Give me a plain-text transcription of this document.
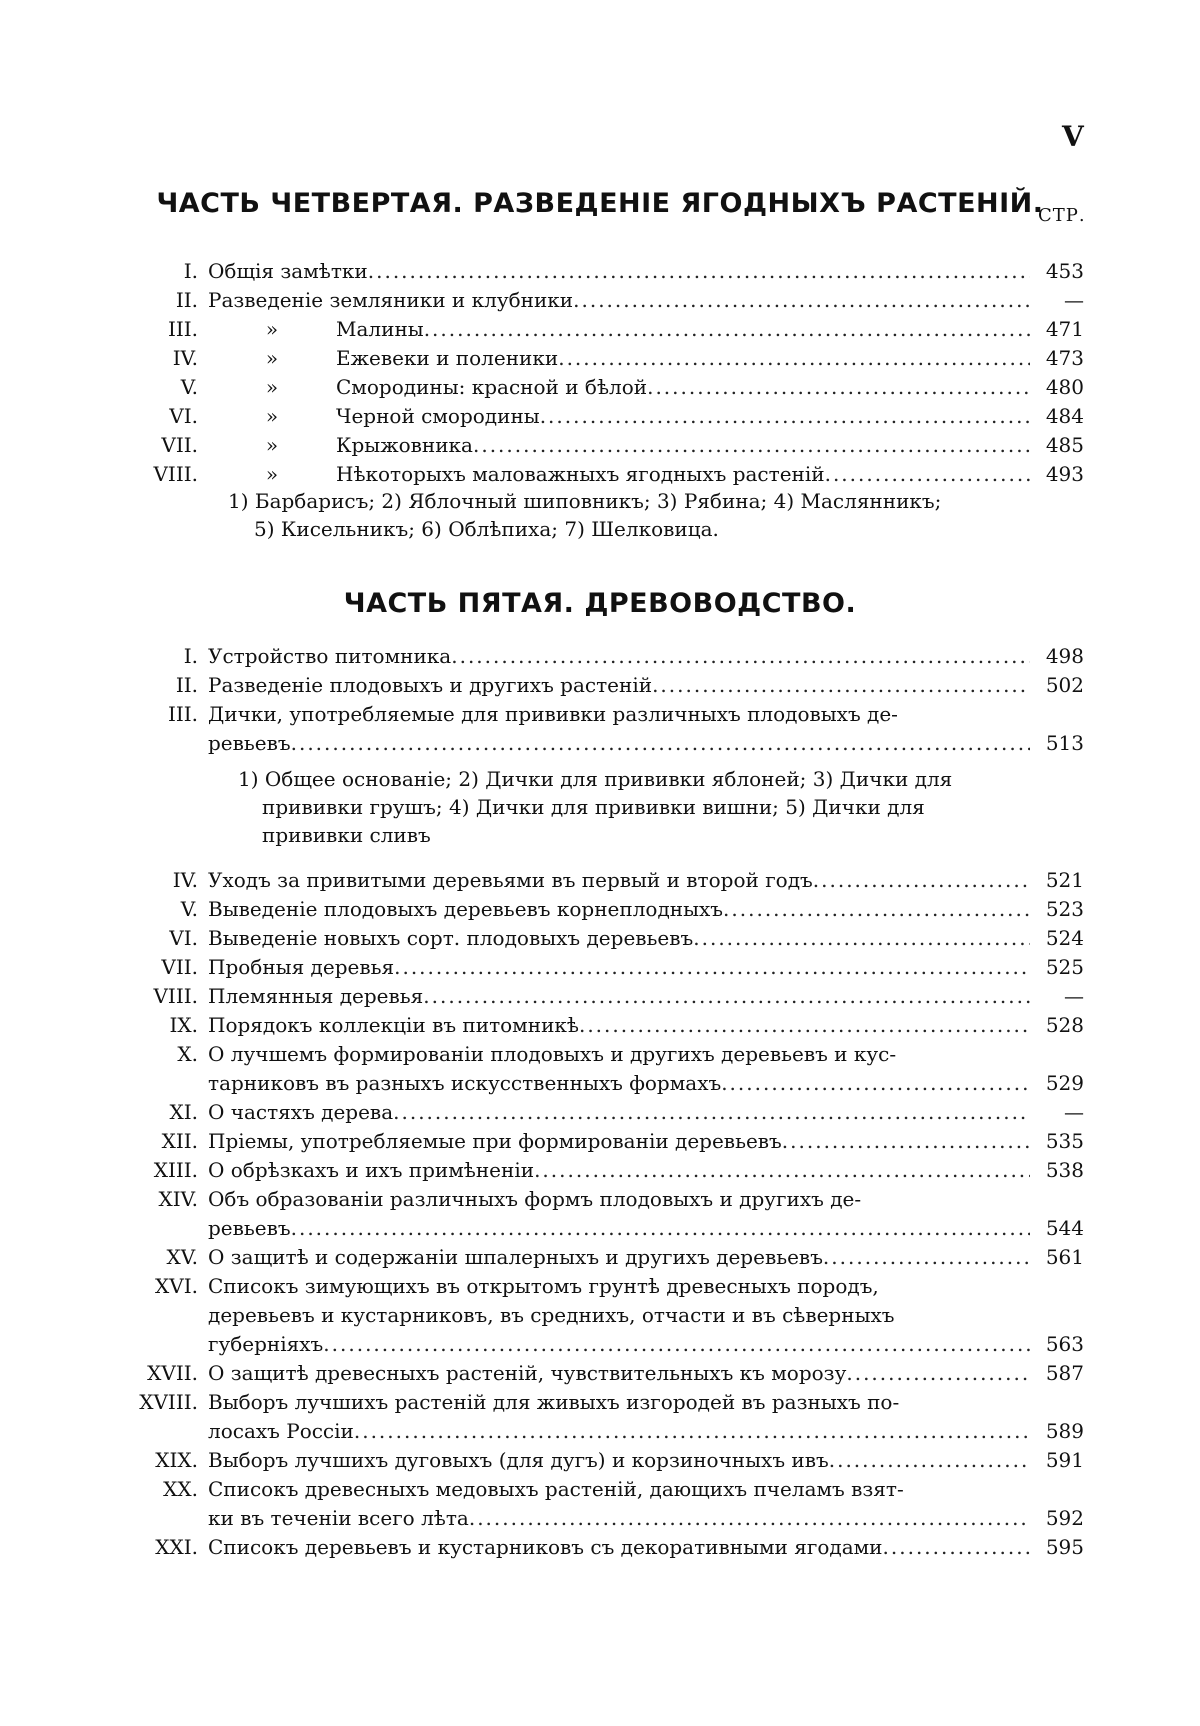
V
ЧАСТЬ ЧЕТВЕРТАЯ. РАЗВЕДЕНІЕ ЯГОДНЫХЪ РАСТЕНІЙ.
СТР.
I. Общія замѣтки ............................................................................... 453
II. Разведеніе земляники и клубники .......................................................	—
III.	»	Малины ........................................................................	471
IV.	»	Ежевеки и поленики ........................................................ 473
V.	»	Смородины: красной и бѣлой .............................................. 480
VI.	»	Черной смородины ..........................................................	484
VII.	»	Крыжовника ..................................................................	485
VIII.	»	Нѣкоторыхъ маловажныхъ ягодныхъ растеній ...........................
493
1) Барбарисъ; 2) Яблочный шиповникъ; 3) Рябина; 4) Маслянникъ;
5) Кисельникъ; 6) Облѣпиха; 7) Шелковица.
ЧАСТЬ ПЯТАЯ. ДРЕВОВОДСТВО.
I. Устройство питомника ..................................................................... 498
II. Разведеніе плодовыхъ и другихъ растеній ............................................. 502
III. Дички, употребляемые для прививки различныхъ плодовыхъ де-
ревьевъ ......................................................................................... 513
1) Общее основаніе; 2) Дички для прививки яблоней; 3) Дички для
прививки грушъ; 4) Дички для прививки вишни; 5) Дички для
прививки сливъ
IV. Уходъ за привитыми деревьями въ первый и второй годъ ........................... 521
V. Выведеніе плодовыхъ деревьевъ корнеплодныхъ ..................................... 523
VI. Выведеніе новыхъ сорт. плодовыхъ деревьевъ ......................................... 524
VII. Пробныя деревья ............................................................................ 525
VIII. Племянныя деревья ........................................................................	—
IX. Порядокъ коллекціи въ питомникѣ ....................................................... 528
X. О лучшемъ формированіи плодовыхъ и другихъ деревьевъ и кус-
тарниковъ въ разныхъ искусственныхъ формахъ ..................................... 529
XI. О частяхъ дерева ............................................................................	—
XII. Пріемы, употребляемые при формированіи деревьевъ .............................	535
XIII. О обрѣзкахъ и ихъ примѣненіи ........................................................... 538
XIV. Объ образованіи различныхъ формъ плодовыхъ и другихъ де-
ревьевъ ......................................................................................... 544
XV. О защитѣ и содержаніи шпалерныхъ и другихъ деревьевъ ...........................
561
XVI. Списокъ зимующихъ въ открытомъ грунтѣ древесныхъ породъ,
деревьевъ и кустарниковъ, въ среднихъ, отчасти и въ сѣверныхъ
губерніяхъ ....................................................................................	563
XVII. О защитѣ древесныхъ растеній, чувствительныхъ къ морозу ...................... 587
XVIII. Выборъ лучшихъ растеній для живыхъ изгородей въ разныхъ по-
лосахъ Россіи .................................................................................. 589
XIX. Выборъ лучшихъ дуговыхъ (для дугъ) и корзиночныхъ ивъ ........................ 591
XX. Списокъ древесныхъ медовыхъ растеній, дающихъ пчеламъ взят-
ки въ теченіи всего лѣта .................................................................... 592
XXI. Списокъ деревьевъ и кустарниковъ съ декоративными ягодами .................	595
